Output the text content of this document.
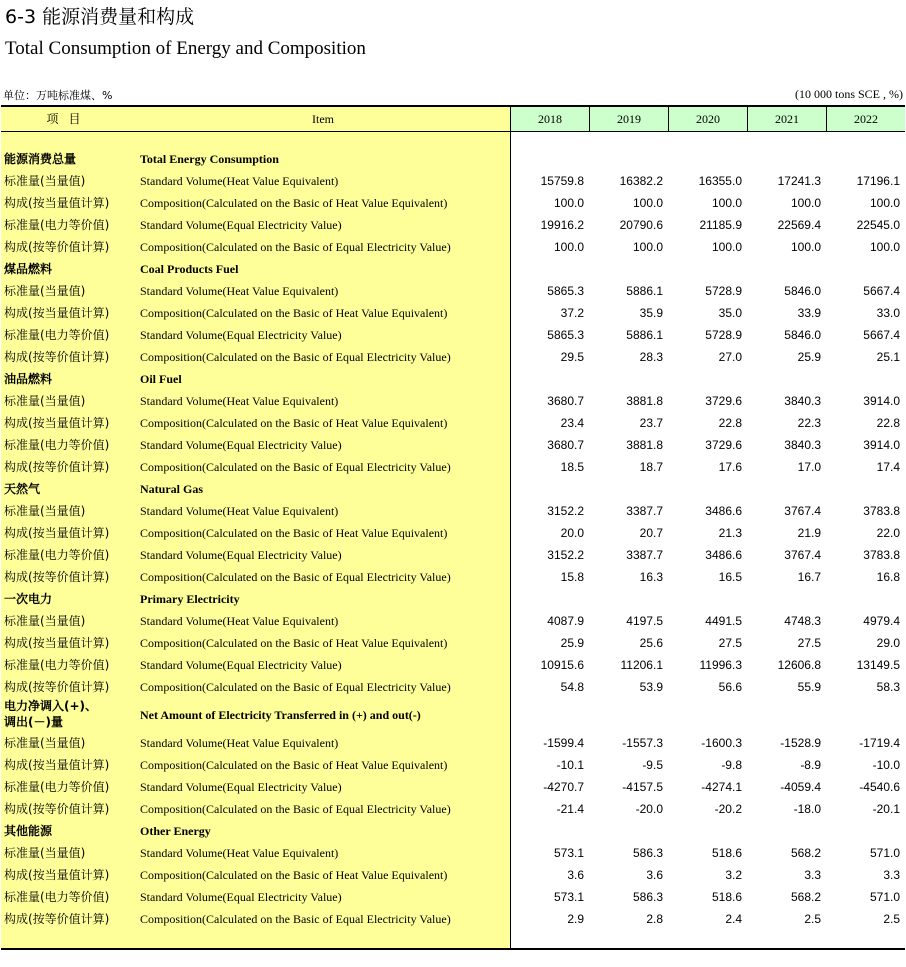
6-3 能源消费量和构成
Total Consumption of Energy and Composition
单位：万吨标准煤、%	(10 000 tons SCE , %)
项目	Item	2018	2019	2020	2021	2022
能源消费总量	Total Energy Consumption
标准量(当量值)	Standard Volume(Heat Value Equivalent)	15759.8	16382.2	16355.0	17241.3	17196.1
构成(按当量值计算)	Composition(Calculated on the Basic of Heat Value Equivalent)	100.0	100.0	100.0	100.0	100.0
标准量(电力等价值)	Standard Volume(Equal Electricity Value)	19916.2	20790.6	21185.9	22569.4	22545.0
构成(按等价值计算)	Composition(Calculated on the Basic of Equal Electricity Value)	100.0	100.0	100.0	100.0	100.0
煤品燃料	Coal Products Fuel
标准量(当量值)	Standard Volume(Heat Value Equivalent)	5865.3	5886.1	5728.9	5846.0	5667.4
构成(按当量值计算)	Composition(Calculated on the Basic of Heat Value Equivalent)	37.2	35.9	35.0	33.9	33.0
标准量(电力等价值)	Standard Volume(Equal Electricity Value)	5865.3	5886.1	5728.9	5846.0	5667.4
构成(按等价值计算)	Composition(Calculated on the Basic of Equal Electricity Value)	29.5	28.3	27.0	25.9	25.1
油品燃料	Oil Fuel
标准量(当量值)	Standard Volume(Heat Value Equivalent)	3680.7	3881.8	3729.6	3840.3	3914.0
构成(按当量值计算)	Composition(Calculated on the Basic of Heat Value Equivalent)	23.4	23.7	22.8	22.3	22.8
标准量(电力等价值)	Standard Volume(Equal Electricity Value)	3680.7	3881.8	3729.6	3840.3	3914.0
构成(按等价值计算)	Composition(Calculated on the Basic of Equal Electricity Value)	18.5	18.7	17.6	17.0	17.4
天然气	Natural Gas
标准量(当量值)	Standard Volume(Heat Value Equivalent)	3152.2	3387.7	3486.6	3767.4	3783.8
构成(按当量值计算)	Composition(Calculated on the Basic of Heat Value Equivalent)	20.0	20.7	21.3	21.9	22.0
标准量(电力等价值)	Standard Volume(Equal Electricity Value)	3152.2	3387.7	3486.6	3767.4	3783.8
构成(按等价值计算)	Composition(Calculated on the Basic of Equal Electricity Value)	15.8	16.3	16.5	16.7	16.8
一次电力	Primary Electricity
标准量(当量值)	Standard Volume(Heat Value Equivalent)	4087.9	4197.5	4491.5	4748.3	4979.4
构成(按当量值计算)	Composition(Calculated on the Basic of Heat Value Equivalent)	25.9	25.6	27.5	27.5	29.0
标准量(电力等价值)	Standard Volume(Equal Electricity Value)	10915.6	11206.1	11996.3	12606.8	13149.5
构成(按等价值计算)	Composition(Calculated on the Basic of Equal Electricity Value)	54.8	53.9	56.6	55.9	58.3
电力净调入(+)、
调出(－)量	Net Amount of Electricity Transferred in (+) and out(-)
标准量(当量值)	Standard Volume(Heat Value Equivalent)	-1599.4	-1557.3	-1600.3	-1528.9	-1719.4
构成(按当量值计算)	Composition(Calculated on the Basic of Heat Value Equivalent)	-10.1	-9.5	-9.8	-8.9	-10.0
标准量(电力等价值)	Standard Volume(Equal Electricity Value)	-4270.7	-4157.5	-4274.1	-4059.4	-4540.6
构成(按等价值计算)	Composition(Calculated on the Basic of Equal Electricity Value)	-21.4	-20.0	-20.2	-18.0	-20.1
其他能源	Other Energy
标准量(当量值)	Standard Volume(Heat Value Equivalent)	573.1	586.3	518.6	568.2	571.0
构成(按当量值计算)	Composition(Calculated on the Basic of Heat Value Equivalent)	3.6	3.6	3.2	3.3	3.3
标准量(电力等价值)	Standard Volume(Equal Electricity Value)	573.1	586.3	518.6	568.2	571.0
构成(按等价值计算)	Composition(Calculated on the Basic of Equal Electricity Value)	2.9	2.8	2.4	2.5	2.5
